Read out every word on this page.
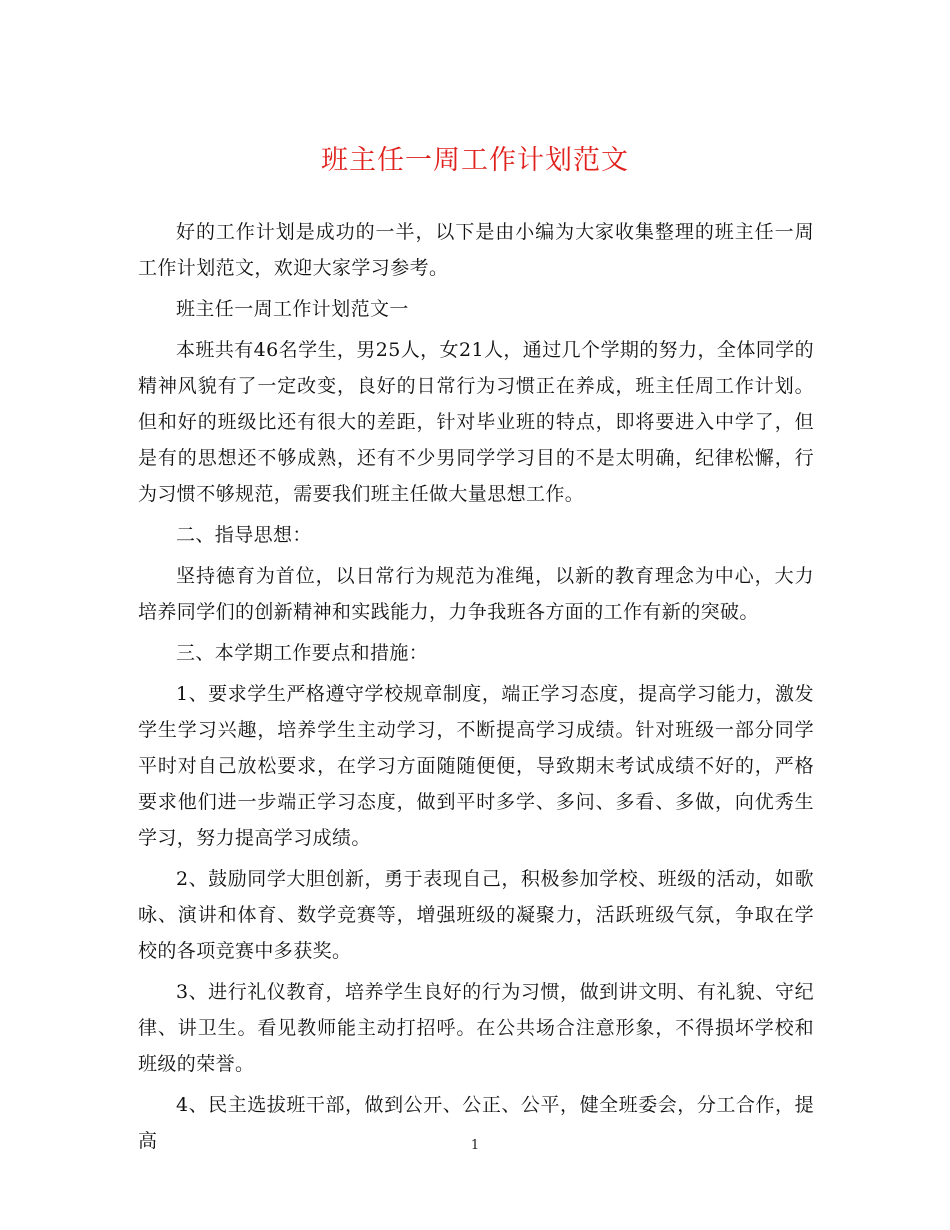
班主任一周工作计划范文

好的工作计划是成功的一半，以下是由小编为大家收集整理的班主任一周工作计划范文，欢迎大家学习参考。

班主任一周工作计划范文一

本班共有46名学生，男25人，女21人，通过几个学期的努力，全体同学的精神风貌有了一定改变，良好的日常行为习惯正在养成，班主任周工作计划。但和好的班级比还有很大的差距，针对毕业班的特点，即将要进入中学了，但是有的思想还不够成熟，还有不少男同学学习目的不是太明确，纪律松懈，行为习惯不够规范，需要我们班主任做大量思想工作。

二、指导思想：

坚持德育为首位，以日常行为规范为准绳，以新的教育理念为中心，大力培养同学们的创新精神和实践能力，力争我班各方面的工作有新的突破。

三、本学期工作要点和措施：

1、要求学生严格遵守学校规章制度，端正学习态度，提高学习能力，激发学生学习兴趣，培养学生主动学习，不断提高学习成绩。针对班级一部分同学平时对自己放松要求，在学习方面随随便便，导致期末考试成绩不好的，严格要求他们进一步端正学习态度，做到平时多学、多问、多看、多做，向优秀生学习，努力提高学习成绩。

2、鼓励同学大胆创新，勇于表现自己，积极参加学校、班级的活动，如歌咏、演讲和体育、数学竞赛等，增强班级的凝聚力，活跃班级气氛，争取在学校的各项竞赛中多获奖。

3、进行礼仪教育，培养学生良好的行为习惯，做到讲文明、有礼貌、守纪律、讲卫生。看见教师能主动打招呼。在公共场合注意形象，不得损坏学校和班级的荣誉。

4、民主选拔班干部，做到公开、公正、公平，健全班委会，分工合作，提高	1
